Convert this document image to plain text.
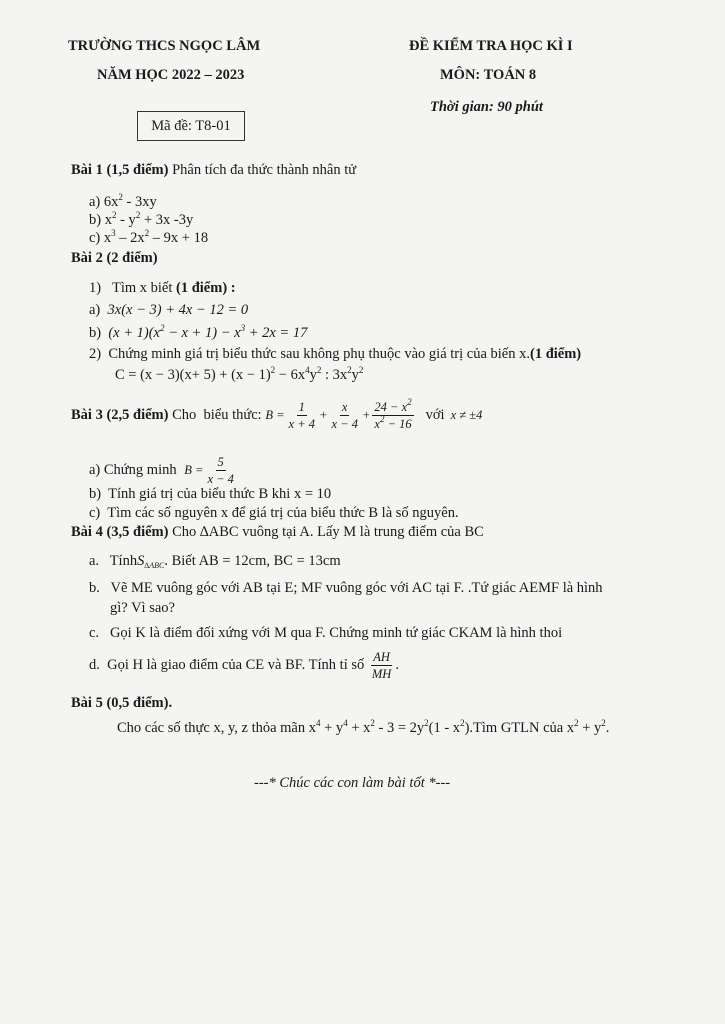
TRƯỜNG THCS NGỌC LÂM
NĂM HỌC 2022 – 2023
ĐỀ KIỂM TRA HỌC KÌ I
MÔN: TOÁN 8
Thời gian: 90 phút
Mã đề: T8-01
Bài 1 (1,5 điểm) Phân tích đa thức thành nhân tử
a) $6x^2 - 3xy$
b) $x^2 - y^2 + 3x$ -3y
c) $x^3 - 2x^2 - 9x + 18$
Bài 2 (2 điểm)
1) Tìm x biết (1 điểm) :
a) 3x(x − 3) + 4x − 12 = 0
b) $(x + 1)(x^2 - x + 1) - x^3 + 2x = 17$
2) Chứng minh giá trị biểu thức sau không phụ thuộc vào giá trị của biến x.(1 điểm)
$C = (x - 3)(x+ 5) + (x - 1)^2 - 6x^4y^2$ : $3x^2y^2$
Bài 3 (2,5 điểm) Cho  biểu thức: $B = \frac{1}{x + 4} + \frac{x}{x - 4} + \frac{24 - x^2}{x^2 - 16}$ với x ≠ ±4
a)
Chứng minh $B = \frac{5}{x - 4}$
b) Tính giá trị của biểu thức B khi x = 10
c) Tìm các số nguyên x để giá trị của biểu thức B là số nguyên.
Bài 4 (3,5 điểm) Cho ∆ABC vuông tại A. Lấy M là trung điểm của BC
a. TínhS$_{\Delta ABC}$. Biết AB = 12cm, BC = 13cm
b. Vẽ ME vuông góc với AB tại E; MF vuông góc với AC tại F. .Tứ giác AEMF là hình
gì? Vì sao?
c. Gọi K là điểm đối xứng với M qua F. Chứng minh tứ giác CKAM là hình thoi
d.
Gọi H là giao điểm của CE và BF. Tính tỉ số $\frac{AH}{MH}$ .
Bài 5 (0,5 điểm).
Cho các số thực x, y, z thỏa mãn $x^4 + y^4 + x^2 - 3 = 2y^2(1$ - $x^2).Tìm$ GTLN của $x^2 + y^2$.
---* Chúc các con làm bài tốt *---
